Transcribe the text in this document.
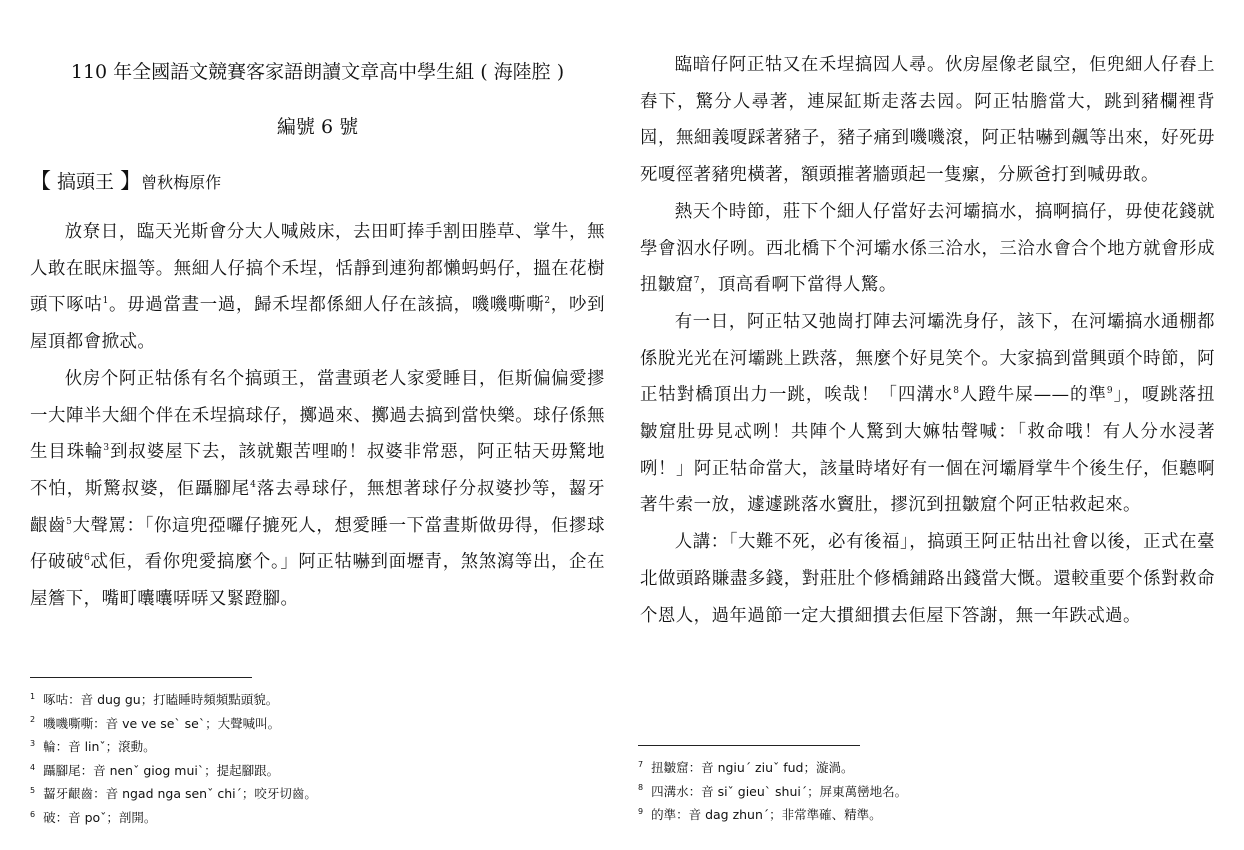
110 年全國語文競賽客家語朗讀文章高中學生組 ( 海陸腔 )
編號 6 號
【 搞頭王 】曾秋梅原作

放尞日，臨天光斯會分大人喊㪐床，去田町捧手割田塍草、掌牛，無人敢在眠床搵等。無細人仔搞个禾埕，恬靜到連狗都懶蚂蚂仔，搵在花樹頭下啄咕$^1$。毋過當晝一過，歸禾埕都係細人仔在該搞，嘰嘰嘶嘶$^2$，吵到屋頂都會掀忒。

伙房个阿正牯係有名个搞頭王，當晝頭老人家愛睡目，佢斯偏偏愛摎一大陣半大細个伴在禾埕搞球仔，擲過來、擲過去搞到當快樂。球仔係無生目珠輪$^3$到叔婆屋下去，該就艱苦哩啲！叔婆非常惡，阿正牯天毋驚地不怕，斯驚叔婆，佢躡腳尾$^4$落去尋球仔，無想著球仔分叔婆抄等，齧牙齦齒$^5$大聲罵：「你這兜孲囉仔摝死人，想愛睡一下當晝斯做毋得，佢摎球仔破破$^6$忒佢，看你兜愛搞麼个。」阿正牯嚇到面壢青，煞煞瀉等出，企在屋簷下，嘴町囔囔哢哢又緊蹬腳。

$^1$ 啄咕：音 dug gu；打瞌睡時頻頻點頭貌。
$^2$ 嘰嘰嘶嘶：音 ve ve se` se`；大聲喊叫。
$^3$ 輪：音 linˇ；滾動。
$^4$ 躡腳尾：音 nenˇ giog mui`；提起腳跟。
$^5$ 齧牙齦齒：音 ngad nga senˇ chi´；咬牙切齒。
$^6$ 破：音 poˇ；剖開。

臨暗仔阿正牯又在禾埕搞囥人尋。伙房屋像老鼠空，佢兜細人仔舂上舂下，驚分人尋著，連屎缸斯走落去囥。阿正牯膽當大，跳到豬欄裡背囥，無細義嗄踩著豬子，豬子痛到嘰嘰滾，阿正牯嚇到飆等出來，好死毋死嗄徑著豬兜橫著，額頭摧著牆頭起一隻瘰，分厥爸打到喊毋敢。

熱天个時節，莊下个細人仔當好去河壩搞水，搞啊搞仔，毋使花錢就學會泅水仔咧。西北橋下个河壩水係三洽水，三洽水會合个地方就會形成扭皺窟$^7$，頂高看啊下當得人驚。

有一日，阿正牯又弛崗打陣去河壩洗身仔，該下，在河壩搞水通棚都係脫光光在河壩跳上跌落，無麼个好見笑个。大家搞到當興頭个時節，阿正牯對橋頂出力一跳，唉哉！「四溝水$^8$人蹬牛屎——的準$^9$」，嗄跳落扭皺窟肚毋見忒咧！共陣个人驚到大嫲牯聲喊：「救命哦！有人分水浸著咧！」阿正牯命當大，該量時堵好有一個在河壩脣掌牛个後生仔，佢聽啊著牛索一放，遽遽跳落水竇肚，摎沉到扭皺窟个阿正牯救起來。

人講：「大難不死，必有後福」，搞頭王阿正牯出社會以後，正式在臺北做頭路賺盡多錢，對莊肚个修橋鋪路出錢當大慨。還較重要个係對救命个恩人，過年過節一定大摜細摜去佢屋下答謝，無一年跌忒過。

$^7$ 扭皺窟：音 ngiu´ ziuˇ fud；漩渦。
$^8$ 四溝水：音 siˇ gieu` shui´；屏東萬巒地名。
$^9$ 的準：音 dag zhun´；非常準確、精準。
